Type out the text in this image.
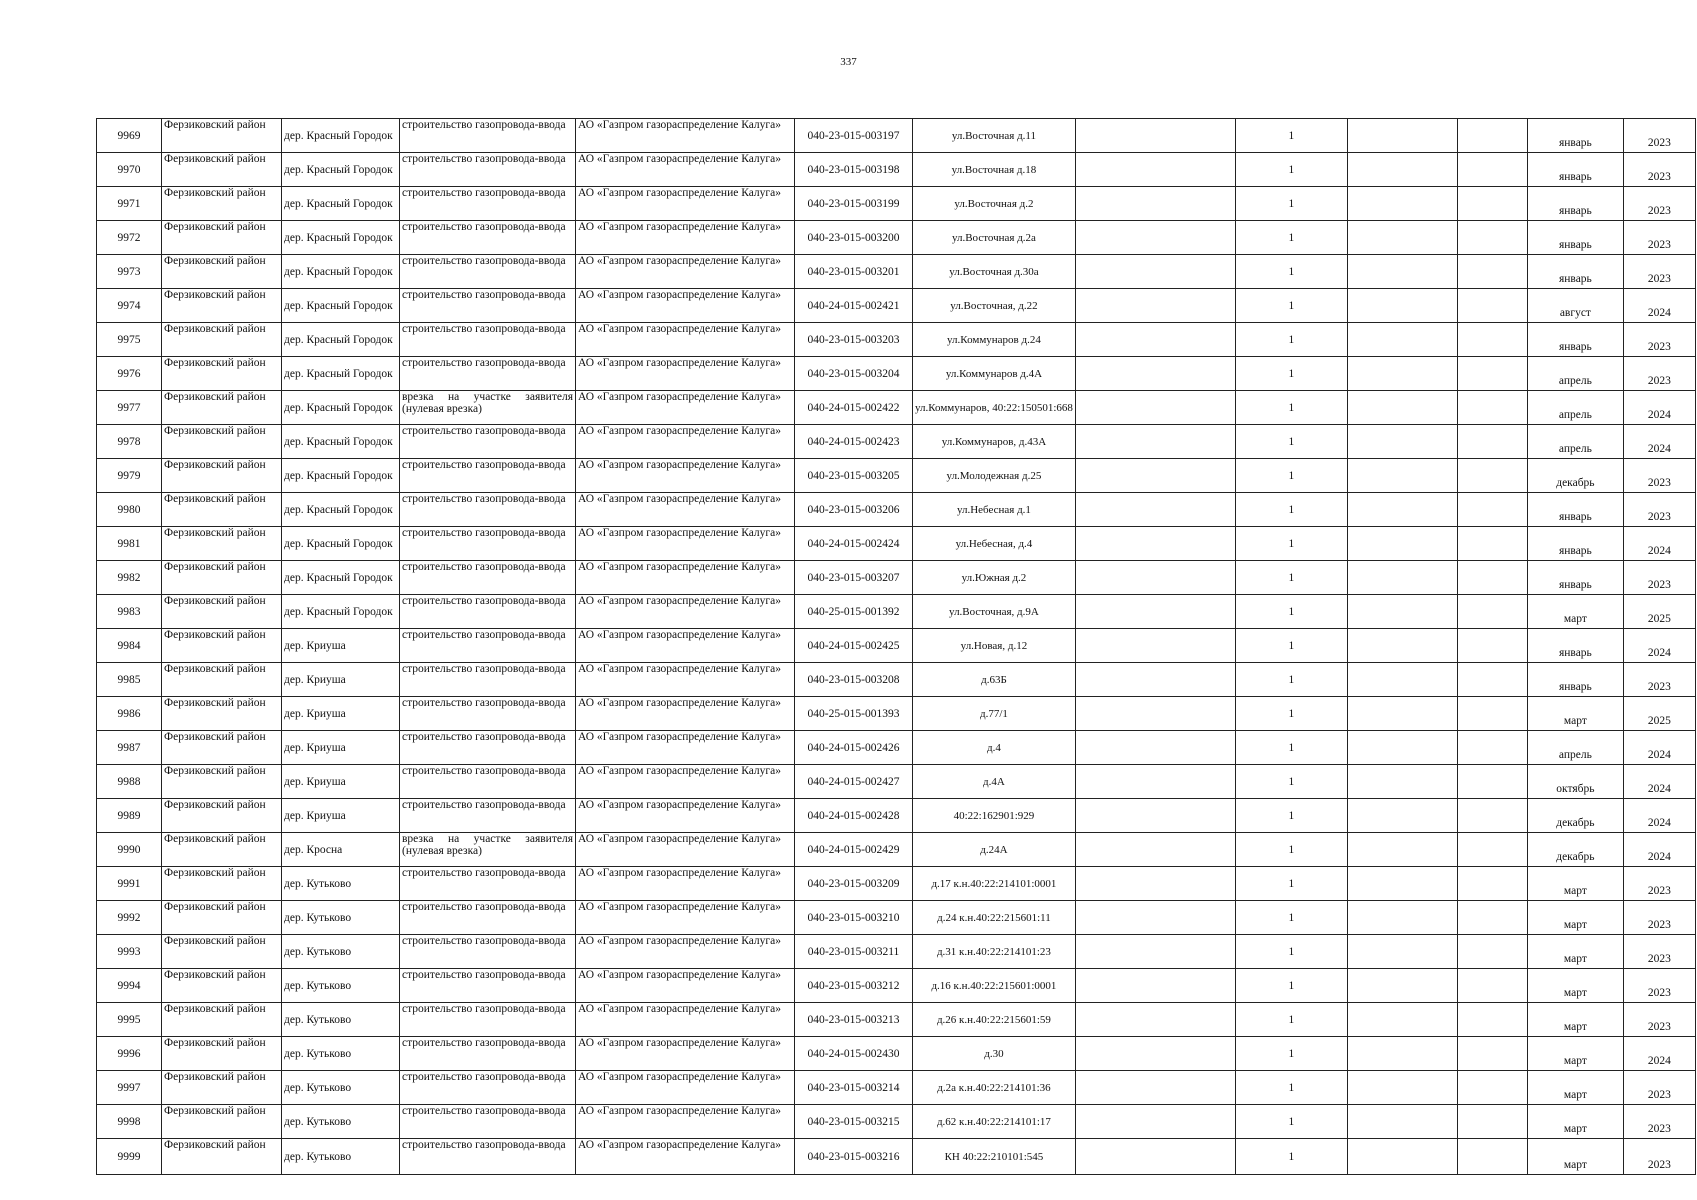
337
9969	Ферзиковский район	дер. Красный Городок	строительство газопровода-ввода	АО «Газпром газораспределение Калуга»	040-23-015-003197	ул.Восточная д.11		1			январь	2023
9970	Ферзиковский район	дер. Красный Городок	строительство газопровода-ввода	АО «Газпром газораспределение Калуга»	040-23-015-003198	ул.Восточная д.18		1			январь	2023
9971	Ферзиковский район	дер. Красный Городок	строительство газопровода-ввода	АО «Газпром газораспределение Калуга»	040-23-015-003199	ул.Восточная д.2		1			январь	2023
9972	Ферзиковский район	дер. Красный Городок	строительство газопровода-ввода	АО «Газпром газораспределение Калуга»	040-23-015-003200	ул.Восточная д.2а		1			январь	2023
9973	Ферзиковский район	дер. Красный Городок	строительство газопровода-ввода	АО «Газпром газораспределение Калуга»	040-23-015-003201	ул.Восточная д.30а		1			январь	2023
9974	Ферзиковский район	дер. Красный Городок	строительство газопровода-ввода	АО «Газпром газораспределение Калуга»	040-24-015-002421	ул.Восточная, д.22		1			август	2024
9975	Ферзиковский район	дер. Красный Городок	строительство газопровода-ввода	АО «Газпром газораспределение Калуга»	040-23-015-003203	ул.Коммунаров д.24		1			январь	2023
9976	Ферзиковский район	дер. Красный Городок	строительство газопровода-ввода	АО «Газпром газораспределение Калуга»	040-23-015-003204	ул.Коммунаров д.4А		1			апрель	2023
9977	Ферзиковский район	дер. Красный Городок	врезка на участке заявителя (нулевая врезка)	АО «Газпром газораспределение Калуга»	040-24-015-002422	ул.Коммунаров, 40:22:150501:668		1			апрель	2024
9978	Ферзиковский район	дер. Красный Городок	строительство газопровода-ввода	АО «Газпром газораспределение Калуга»	040-24-015-002423	ул.Коммунаров, д.43А		1			апрель	2024
9979	Ферзиковский район	дер. Красный Городок	строительство газопровода-ввода	АО «Газпром газораспределение Калуга»	040-23-015-003205	ул.Молодежная д.25		1			декабрь	2023
9980	Ферзиковский район	дер. Красный Городок	строительство газопровода-ввода	АО «Газпром газораспределение Калуга»	040-23-015-003206	ул.Небесная д.1		1			январь	2023
9981	Ферзиковский район	дер. Красный Городок	строительство газопровода-ввода	АО «Газпром газораспределение Калуга»	040-24-015-002424	ул.Небесная, д.4		1			январь	2024
9982	Ферзиковский район	дер. Красный Городок	строительство газопровода-ввода	АО «Газпром газораспределение Калуга»	040-23-015-003207	ул.Южная д.2		1			январь	2023
9983	Ферзиковский район	дер. Красный Городок	строительство газопровода-ввода	АО «Газпром газораспределение Калуга»	040-25-015-001392	ул.Восточная, д.9А		1			март	2025
9984	Ферзиковский район	дер. Криуша	строительство газопровода-ввода	АО «Газпром газораспределение Калуга»	040-24-015-002425	ул.Новая, д.12		1			январь	2024
9985	Ферзиковский район	дер. Криуша	строительство газопровода-ввода	АО «Газпром газораспределение Калуга»	040-23-015-003208	д.63Б		1			январь	2023
9986	Ферзиковский район	дер. Криуша	строительство газопровода-ввода	АО «Газпром газораспределение Калуга»	040-25-015-001393	д.77/1		1			март	2025
9987	Ферзиковский район	дер. Криуша	строительство газопровода-ввода	АО «Газпром газораспределение Калуга»	040-24-015-002426	д.4		1			апрель	2024
9988	Ферзиковский район	дер. Криуша	строительство газопровода-ввода	АО «Газпром газораспределение Калуга»	040-24-015-002427	д.4А		1			октябрь	2024
9989	Ферзиковский район	дер. Криуша	строительство газопровода-ввода	АО «Газпром газораспределение Калуга»	040-24-015-002428	40:22:162901:929		1			декабрь	2024
9990	Ферзиковский район	дер. Кросна	врезка на участке заявителя (нулевая врезка)	АО «Газпром газораспределение Калуга»	040-24-015-002429	д.24А		1			декабрь	2024
9991	Ферзиковский район	дер. Кутьково	строительство газопровода-ввода	АО «Газпром газораспределение Калуга»	040-23-015-003209	д.17 к.н.40:22:214101:0001		1			март	2023
9992	Ферзиковский район	дер. Кутьково	строительство газопровода-ввода	АО «Газпром газораспределение Калуга»	040-23-015-003210	д.24 к.н.40:22:215601:11		1			март	2023
9993	Ферзиковский район	дер. Кутьково	строительство газопровода-ввода	АО «Газпром газораспределение Калуга»	040-23-015-003211	д.31 к.н.40:22:214101:23		1			март	2023
9994	Ферзиковский район	дер. Кутьково	строительство газопровода-ввода	АО «Газпром газораспределение Калуга»	040-23-015-003212	д.16 к.н.40:22:215601:0001		1			март	2023
9995	Ферзиковский район	дер. Кутьково	строительство газопровода-ввода	АО «Газпром газораспределение Калуга»	040-23-015-003213	д.26 к.н.40:22:215601:59		1			март	2023
9996	Ферзиковский район	дер. Кутьково	строительство газопровода-ввода	АО «Газпром газораспределение Калуга»	040-24-015-002430	д.30		1			март	2024
9997	Ферзиковский район	дер. Кутьково	строительство газопровода-ввода	АО «Газпром газораспределение Калуга»	040-23-015-003214	д.2а к.н.40:22:214101:36		1			март	2023
9998	Ферзиковский район	дер. Кутьково	строительство газопровода-ввода	АО «Газпром газораспределение Калуга»	040-23-015-003215	д.62 к.н.40:22:214101:17		1			март	2023
9999	Ферзиковский район	дер. Кутьково	строительство газопровода-ввода	АО «Газпром газораспределение Калуга»	040-23-015-003216	КН 40:22:210101:545		1			март	2023
